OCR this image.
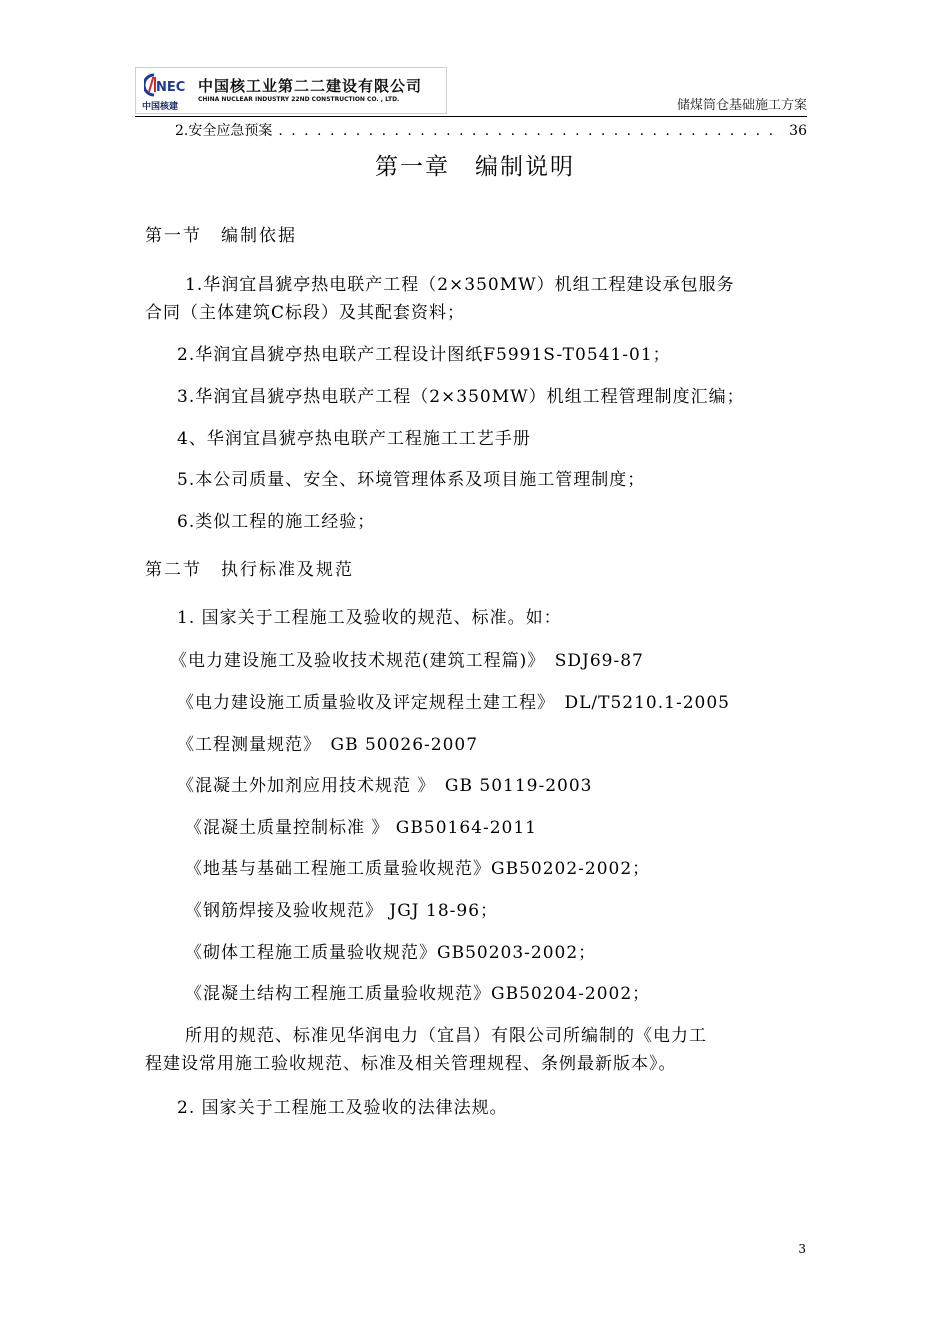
NEC
中国核建
中国核工业第二二建设有限公司
CHINA NUCLEAR INDUSTRY 22ND CONSTRUCTION CO. , LTD.	储煤筒仓基础施工方案
2.安全应急预案
. . .	36
第一章　编制说明
第一节　编制依据
1.华润宜昌猇亭热电联产工程（2×350MW）机组工程建设承包服务
合同（主体建筑C标段）及其配套资料；
2.华润宜昌猇亭热电联产工程设计图纸F5991S-T0541-01；
3.华润宜昌猇亭热电联产工程（2×350MW）机组工程管理制度汇编；
4、华润宜昌猇亭热电联产工程施工工艺手册
5.本公司质量、安全、环境管理体系及项目施工管理制度；
6.类似工程的施工经验；
第二节　执行标准及规范
1. 国家关于工程施工及验收的规范、标准。如：
《电力建设施工及验收技术规范(建筑工程篇)》　SDJ69-87
《电力建设施工质量验收及评定规程土建工程》　DL/T5210.1-2005
《工程测量规范》　GB 50026-2007
《混凝土外加剂应用技术规范 》　GB 50119-2003
《混凝土质量控制标准 》 GB50164-2011
《地基与基础工程施工质量验收规范》GB50202-2002；
《钢筋焊接及验收规范》 JGJ 18-96；
《砌体工程施工质量验收规范》GB50203-2002；
《混凝土结构工程施工质量验收规范》GB50204-2002；
所用的规范、标准见华润电力（宜昌）有限公司所编制的《电力工
程建设常用施工验收规范、标准及相关管理规程、条例最新版本》。
2. 国家关于工程施工及验收的法律法规。
3
